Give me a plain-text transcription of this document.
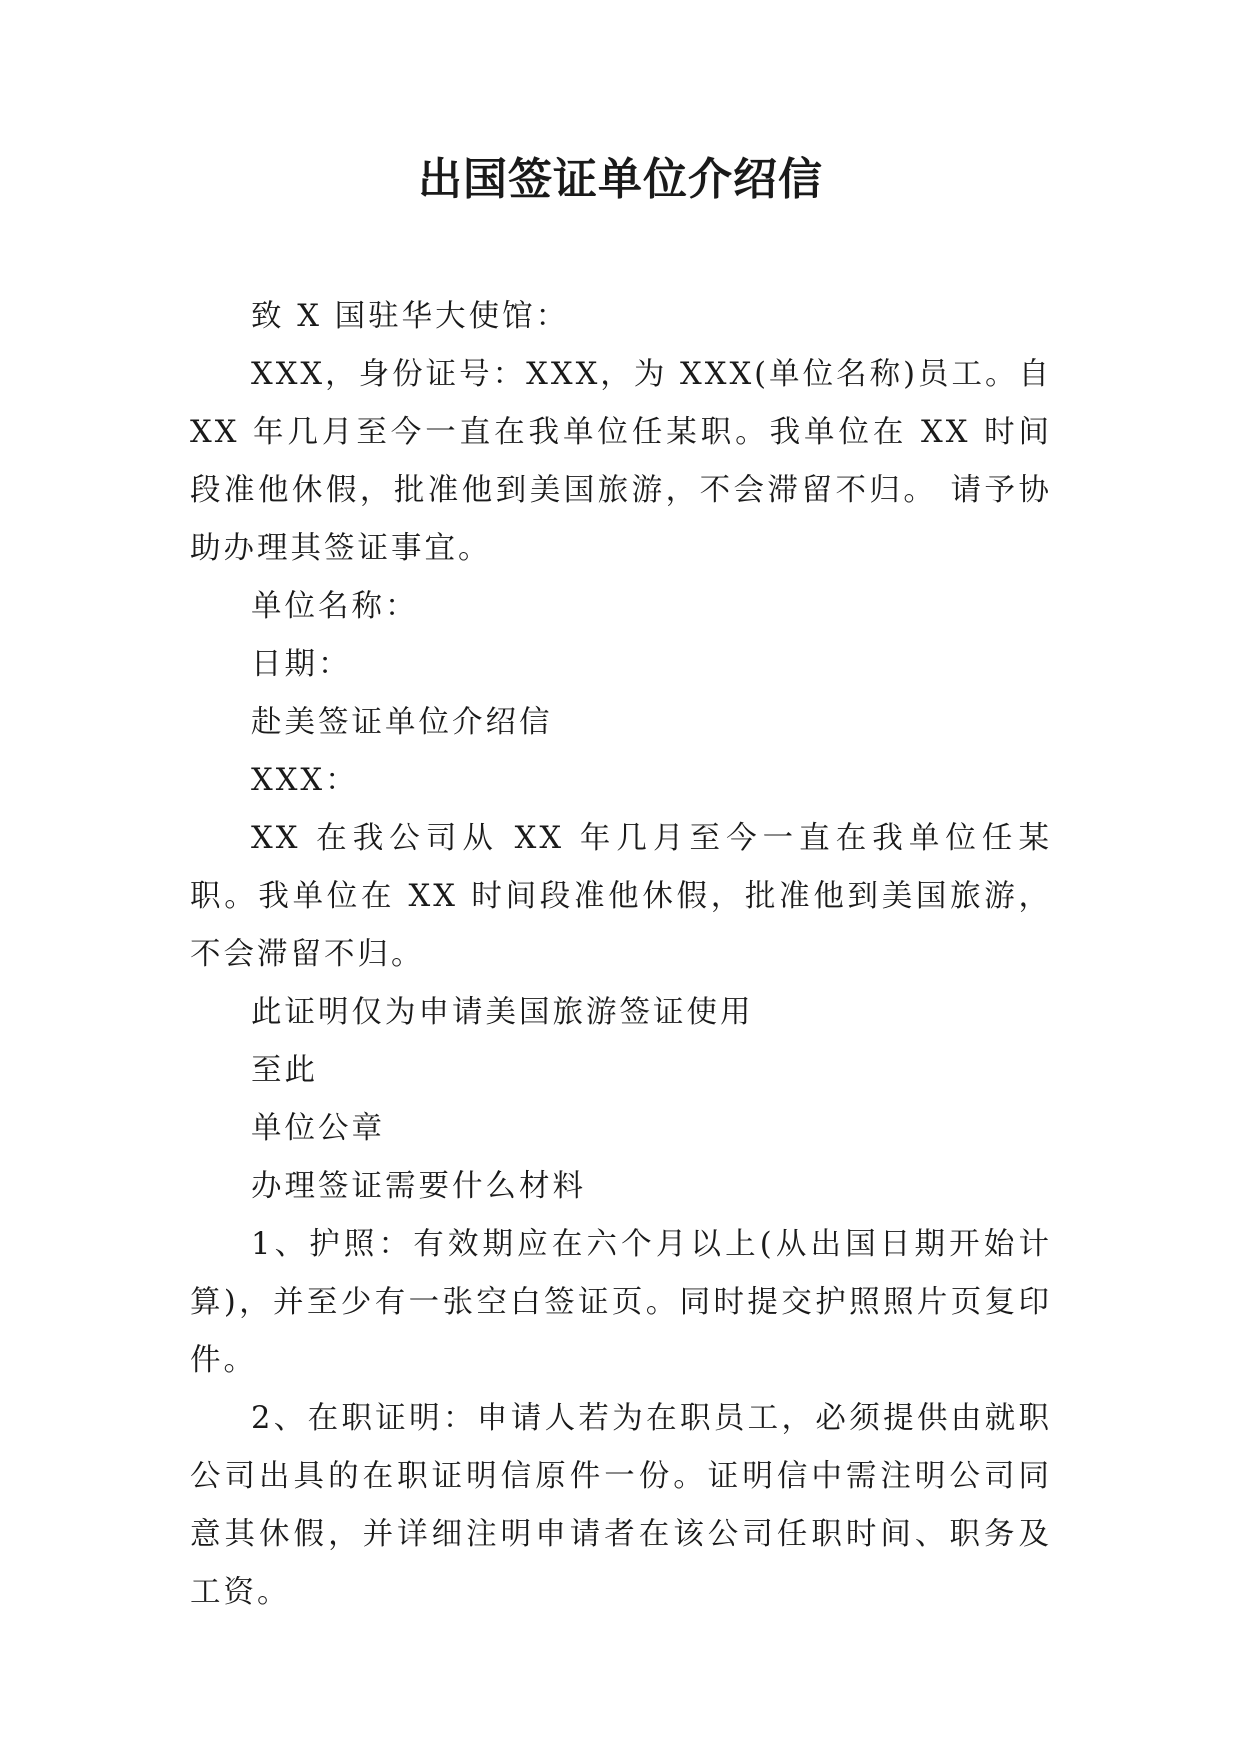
出国签证单位介绍信

致 X 国驻华大使馆：

XXX，身份证号：XXX，为 XXX(单位名称)员工。自 XX 年几月至今一直在我单位任某职。我单位在 XX 时间段准他休假，批准他到美国旅游，不会滞留不归。 请予协助办理其签证事宜。

单位名称：

日期：

赴美签证单位介绍信

XXX：

XX 在我公司从 XX 年几月至今一直在我单位任某职。我单位在 XX 时间段准他休假，批准他到美国旅游，不会滞留不归。

此证明仅为申请美国旅游签证使用

至此

单位公章

办理签证需要什么材料

1、护照：有效期应在六个月以上(从出国日期开始计算)，并至少有一张空白签证页。同时提交护照照片页复印件。

2、在职证明：申请人若为在职员工，必须提供由就职公司出具的在职证明信原件一份。证明信中需注明公司同意其休假，并详细注明申请者在该公司任职时间、职务及工资。
